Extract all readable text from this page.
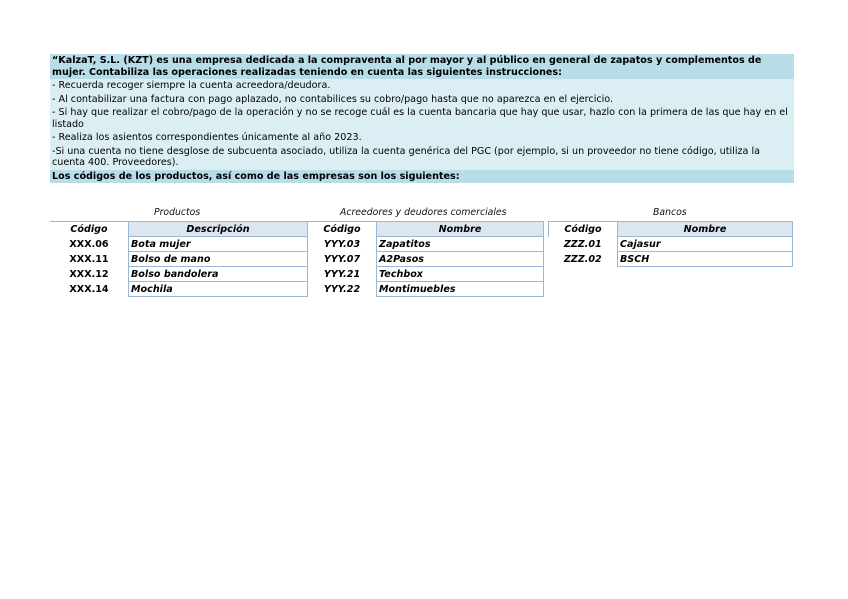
“KalzaT, S.L. (KZT) es una empresa dedicada a la compraventa al por mayor y al público en general de zapatos y complementos de mujer. Contabiliza las operaciones realizadas teniendo en cuenta las siguientes instrucciones:
- Recuerda recoger siempre la cuenta acreedora/deudora.
- Al contabilizar una factura con pago aplazado, no contabilices su cobro/pago hasta que no aparezca en el ejercicio.
- Si hay que realizar el cobro/pago de la operación y no se recoge cuál es la cuenta bancaria que hay que usar, hazlo con la primera de las que hay en el listado
- Realiza los asientos correspondientes únicamente al año 2023.
-Si una cuenta no tiene desglose de subcuenta asociado, utiliza la cuenta genérica del PGC (por ejemplo, si un proveedor no tiene código, utiliza la cuenta 400. Proveedores).
Los códigos de los productos, así como de las empresas son los siguientes:
Productos	Acreedores y deudores comerciales	Bancos
Código	Descripción
XXX.06	Bota mujer
XXX.11	Bolso de mano
XXX.12	Bolso bandolera
XXX.14	Mochila
Código	Nombre
YYY.03	Zapatitos
YYY.07	A2Pasos
YYY.21	Techbox
YYY.22	Montimuebles
Código	Nombre
ZZZ.01	Cajasur
ZZZ.02	BSCH
